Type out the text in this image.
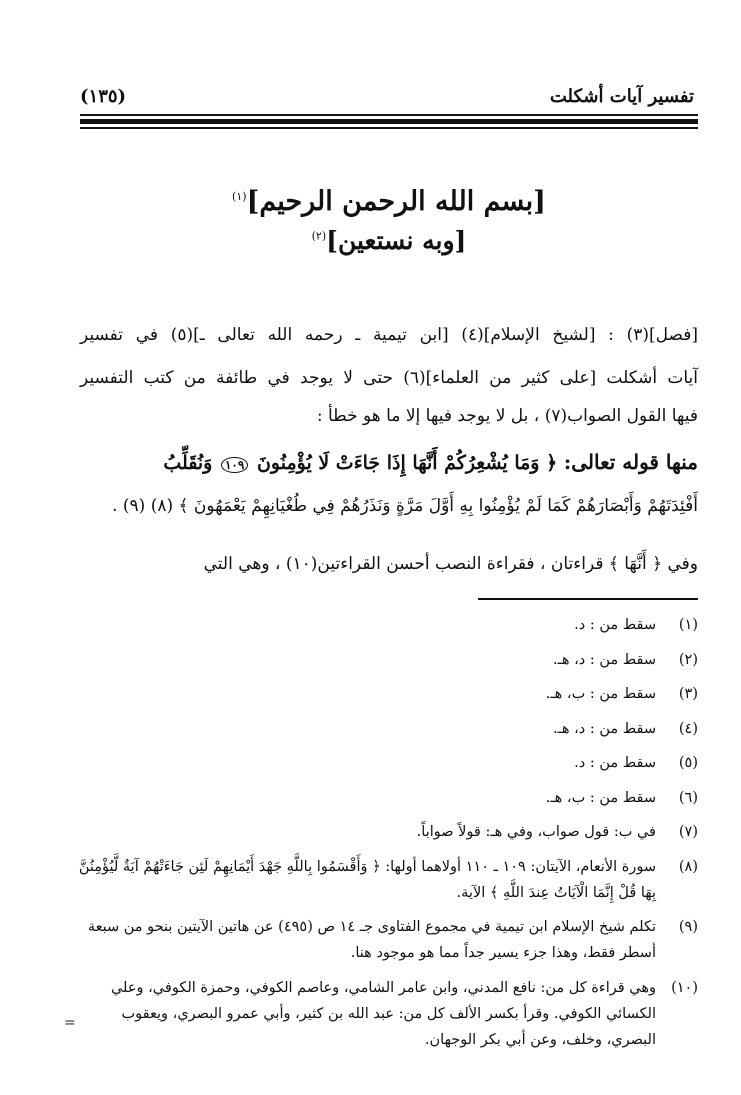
تفسير آيات أشكلت
(١٣٥)
[بسم الله الرحمن الرحيم]$^{(١)}$
[وبه نستعين]$^{(٢)}$
[فصل](٣) : [لشيخ الإسلام](٤) [ابن تيمية ـ رحمه الله تعالى ـ](٥) في تفسير
آيات أشكلت [على كثير من العلماء](٦) حتى لا يوجد في طائفة من كتب التفسير
فيها القول الصواب(٧) ، بل لا يوجد فيها إلا ما هو خطأ :
منها قوله تعالى: ﴿ وَمَا يُشْعِرُكُمْ أَنَّهَا إِذَا جَاءَتْ لَا يُؤْمِنُونَ ١٠٩ وَنُقَلِّبُ
أَفْئِدَتَهُمْ وَأَبْصَارَهُمْ كَمَا لَمْ يُؤْمِنُوا بِهِ أَوَّلَ مَرَّةٍ وَنَذَرُهُمْ فِي طُغْيَانِهِمْ يَعْمَهُونَ ﴾ (٨) (٩) .
وفي ﴿ أَنَّهَا ﴾ قراءتان ، فقراءة النصب أحسن القراءتين(١٠) ، وهي التي
(١)
سقط من : د.
(٢)
سقط من : د، هـ.
(٣)
سقط من : ب، هـ.
(٤)
سقط من : د، هـ.
(٥)
سقط من : د.
(٦)
سقط من : ب، هـ.
(٧)
في ب: قول صواب، وفي هـ: قولاً صواباً.
(٨)
سورة الأنعام، الآيتان: ١٠٩ ـ ١١٠ أولاهما أولها: ﴿ وَأَقْسَمُوا بِاللَّهِ جَهْدَ أَيْمَانِهِمْ لَئِن جَاءَتْهُمْ آيَةٌ لَّيُؤْمِنُنَّ بِهَا قُلْ إِنَّمَا الْآيَاتُ عِندَ اللَّهِ ﴾ الآية.
(٩)
تكلم شيخ الإسلام ابن تيمية في مجموع الفتاوى جـ ١٤ ص (٤٩٥) عن هاتين الآيتين بنحو من سبعة أسطر فقط، وهذا جزء يسير جداً مما هو موجود هنا.
(١٠)
وهي قراءة كل من: نافع المدني، وابن عامر الشامي، وعاصم الكوفي، وحمزة الكوفي، وعلي الكسائي الكوفي. وقرأ بكسر الألف كل من: عبد الله بن كثير، وأبي عمرو البصري، ويعقوب البصري، وخلف، وعن أبي بكر الوجهان.
=
